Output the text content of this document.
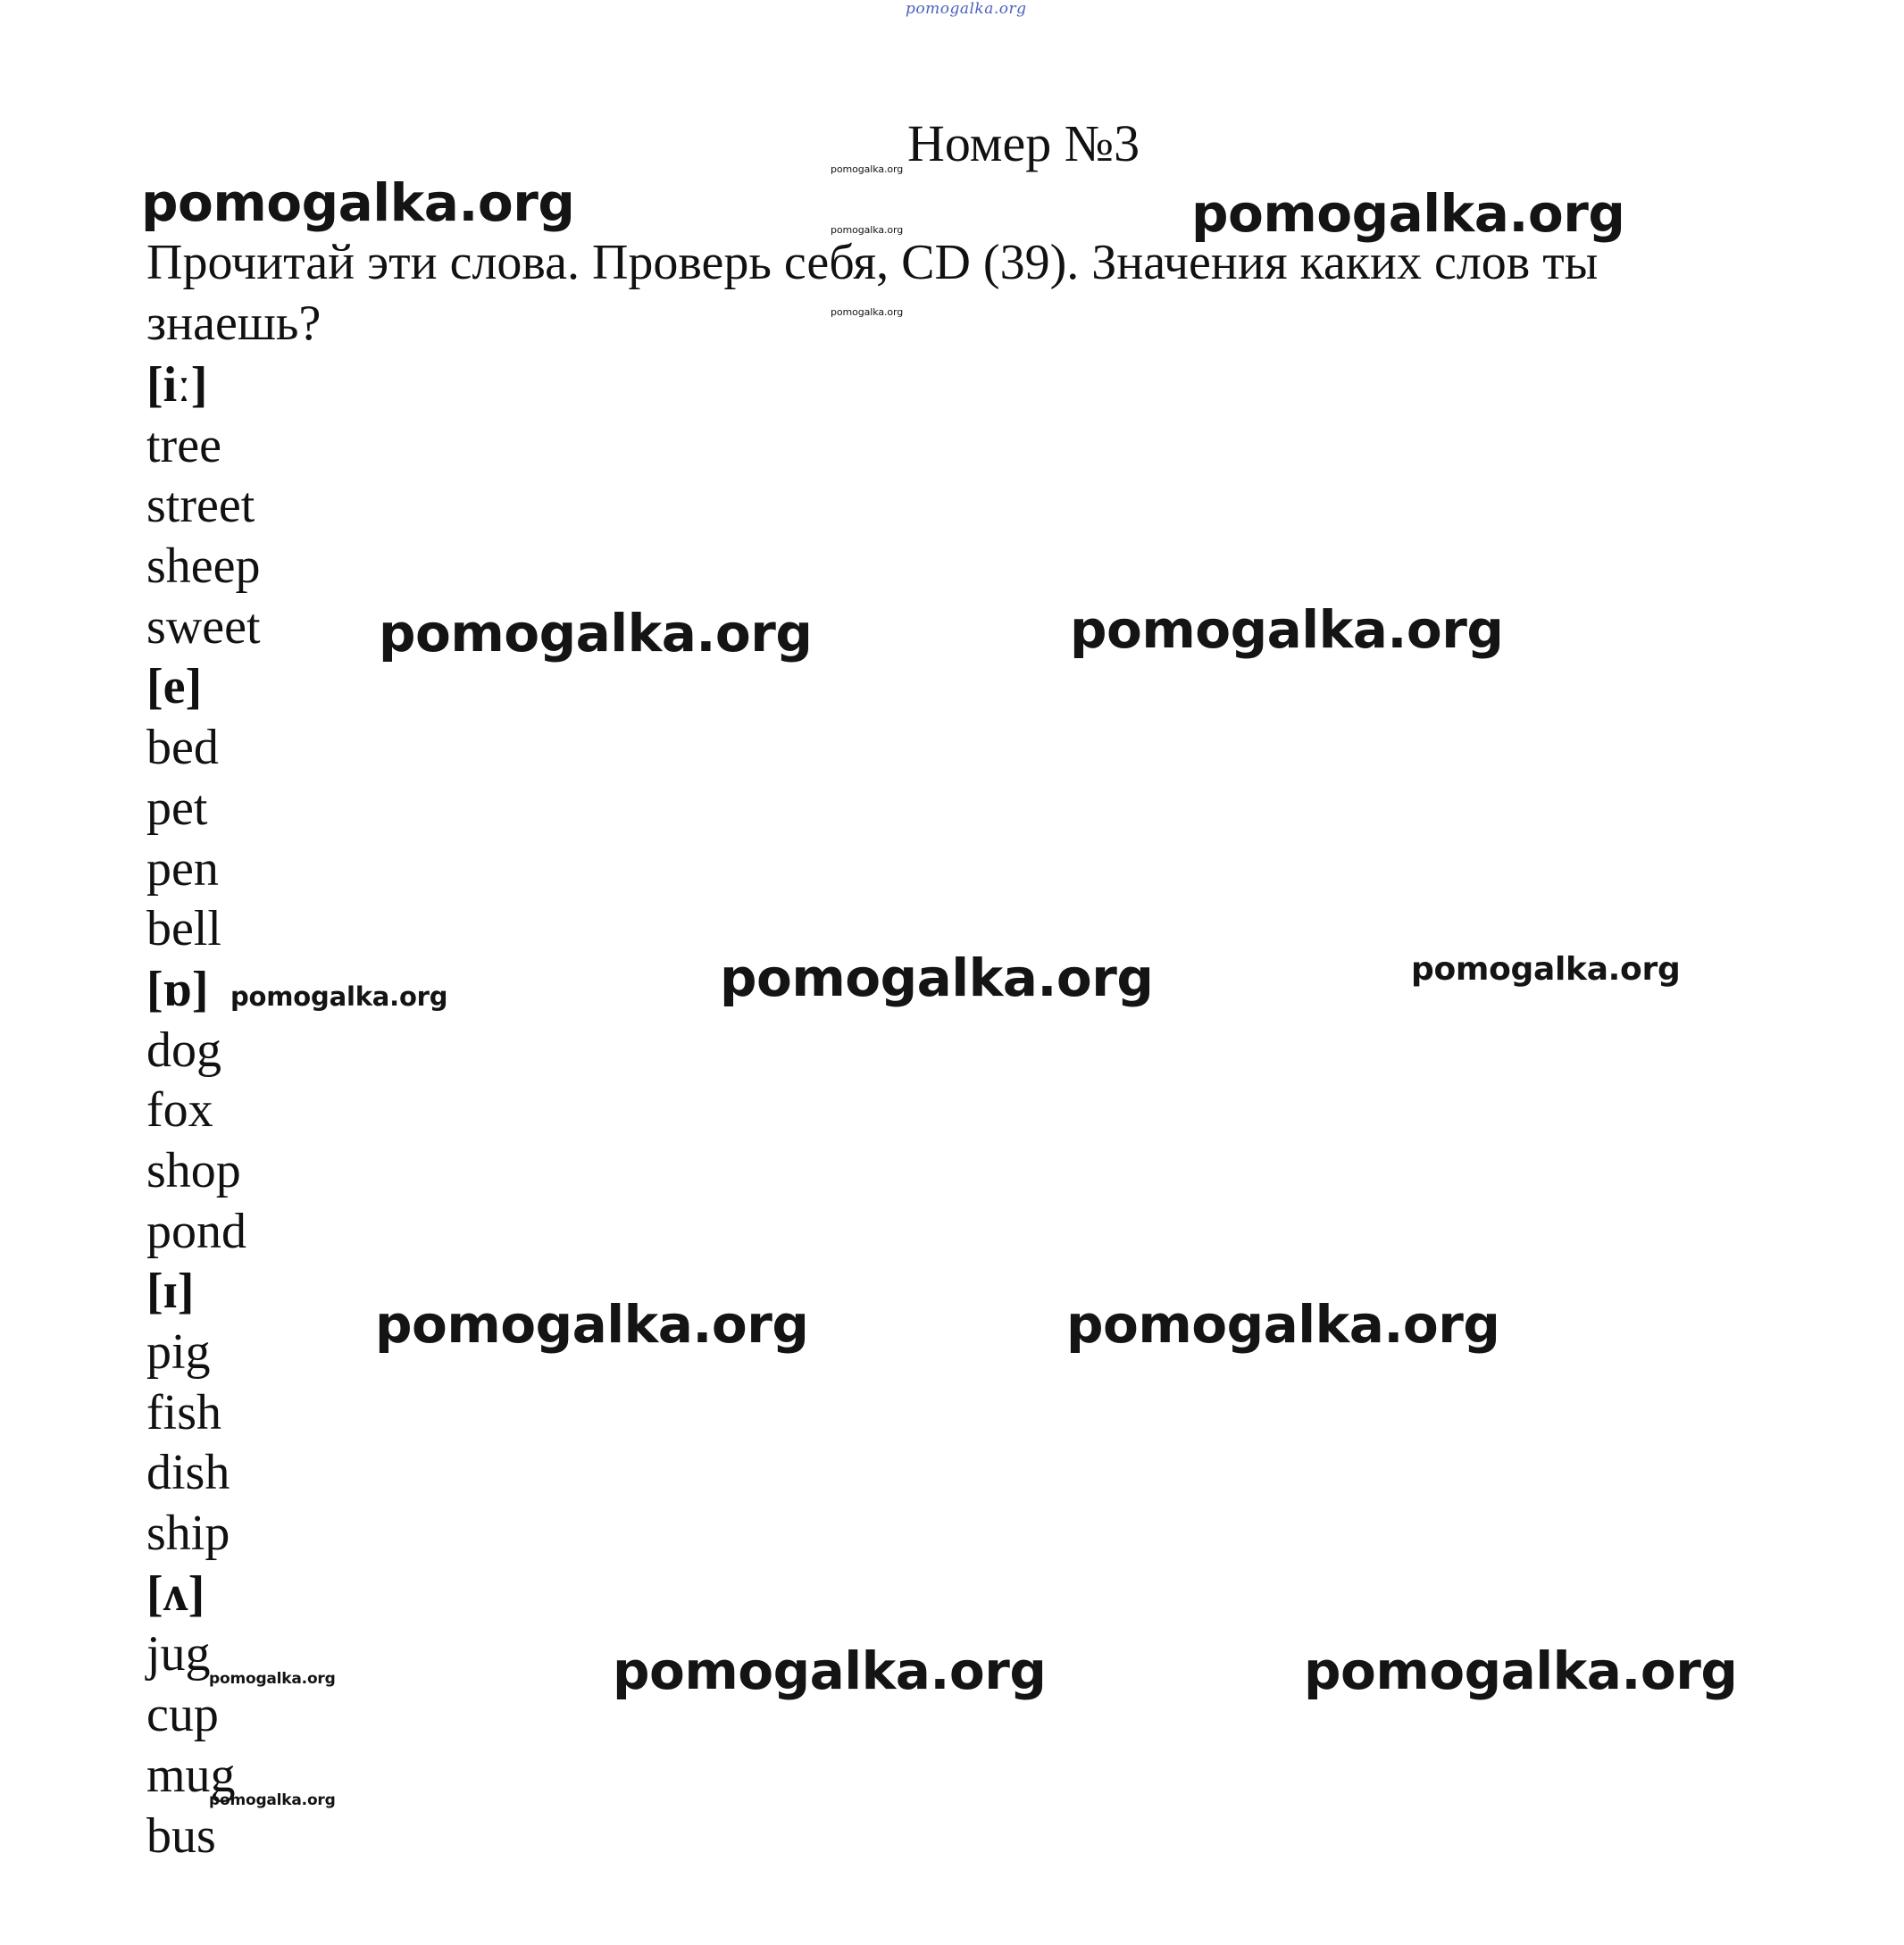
pomogalka.org
Номер №3
Прочитай эти слова. Проверь себя, CD (39). Значения каких слов ты знаешь?
[iː]
tree
street
sheep
sweet
[e]
bed
pet
pen
bell
[ɒ]
dog
fox
shop
pond
[ɪ]
pig
fish
dish
ship
[ʌ]
jug
cup
mug
bus
pomogalka.org
pomogalka.org	pomogalka.org	pomogalka.org
pomogalka.org
pomogalka.org	pomogalka.org
pomogalka.org	pomogalka.org	pomogalka.org
pomogalka.org	pomogalka.org
pomogalka.org	pomogalka.org	pomogalka.org
pomogalka.org
